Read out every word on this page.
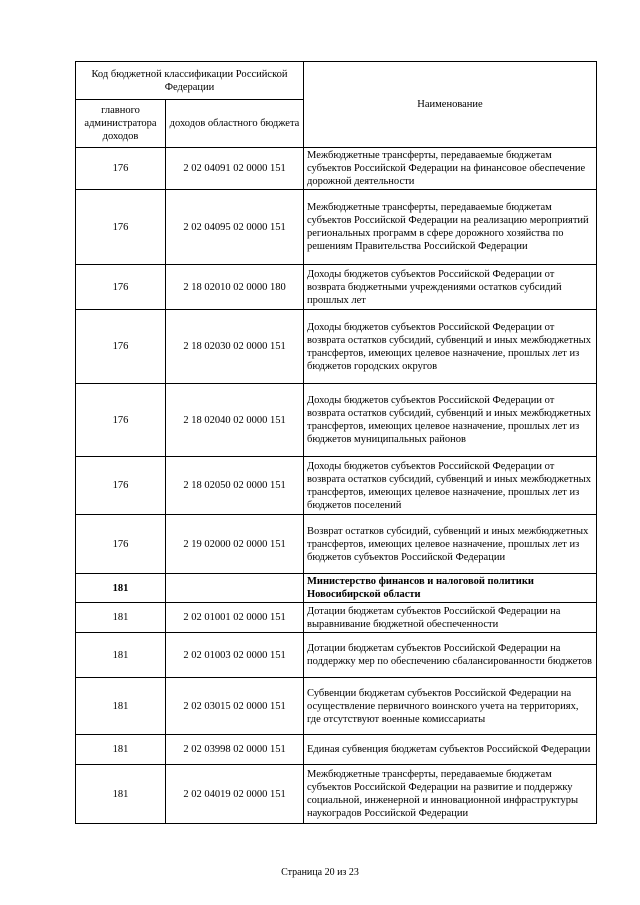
Код бюджетной классификации Российской Федерации		Наименование
главного администратора доходов	доходов областного бюджета	
176	2 02 04091 02 0000 151	Межбюджетные трансферты, передаваемые бюджетам субъектов Российской Федерации на финансовое обеспечение дорожной деятельности
176	2 02 04095 02 0000 151	Межбюджетные трансферты, передаваемые бюджетам субъектов Российской Федерации на реализацию мероприятий региональных программ в сфере дорожного хозяйства по решениям Правительства Российской Федерации
176	2 18 02010 02 0000 180	Доходы бюджетов субъектов Российской Федерации от возврата бюджетными учреждениями остатков субсидий прошлых лет
176	2 18 02030 02 0000 151	Доходы бюджетов субъектов Российской Федерации от возврата остатков субсидий, субвенций и иных межбюджетных трансфертов, имеющих целевое назначение, прошлых лет из бюджетов городских округов
176	2 18 02040 02 0000 151	Доходы бюджетов субъектов Российской Федерации от возврата остатков субсидий, субвенций и иных межбюджетных трансфертов, имеющих целевое назначение, прошлых лет из бюджетов муниципальных районов
176	2 18 02050 02 0000 151	Доходы бюджетов субъектов Российской Федерации от возврата остатков субсидий, субвенций и иных межбюджетных трансфертов, имеющих целевое назначение, прошлых лет из бюджетов поселений
176	2 19 02000 02 0000 151	Возврат остатков субсидий, субвенций и иных межбюджетных трансфертов, имеющих целевое назначение, прошлых лет из бюджетов субъектов Российской Федерации
181		Министерство финансов и налоговой политики Новосибирской области
181	2 02 01001 02 0000 151	Дотации бюджетам субъектов Российской Федерации на выравнивание бюджетной обеспеченности
181	2 02 01003 02 0000 151	Дотации бюджетам субъектов Российской Федерации на поддержку мер по обеспечению сбалансированности бюджетов
181	2 02 03015 02 0000 151	Субвенции бюджетам субъектов Российской Федерации на осуществление первичного воинского учета на территориях, где отсутствуют военные комиссариаты
181	2 02 03998 02 0000 151	Единая субвенция бюджетам субъектов Российской Федерации
181	2 02 04019 02 0000 151	Межбюджетные трансферты, передаваемые бюджетам субъектов Российской Федерации на развитие и поддержку социальной, инженерной и инновационной инфраструктуры наукоградов Российской Федерации
Страница 20 из 23
